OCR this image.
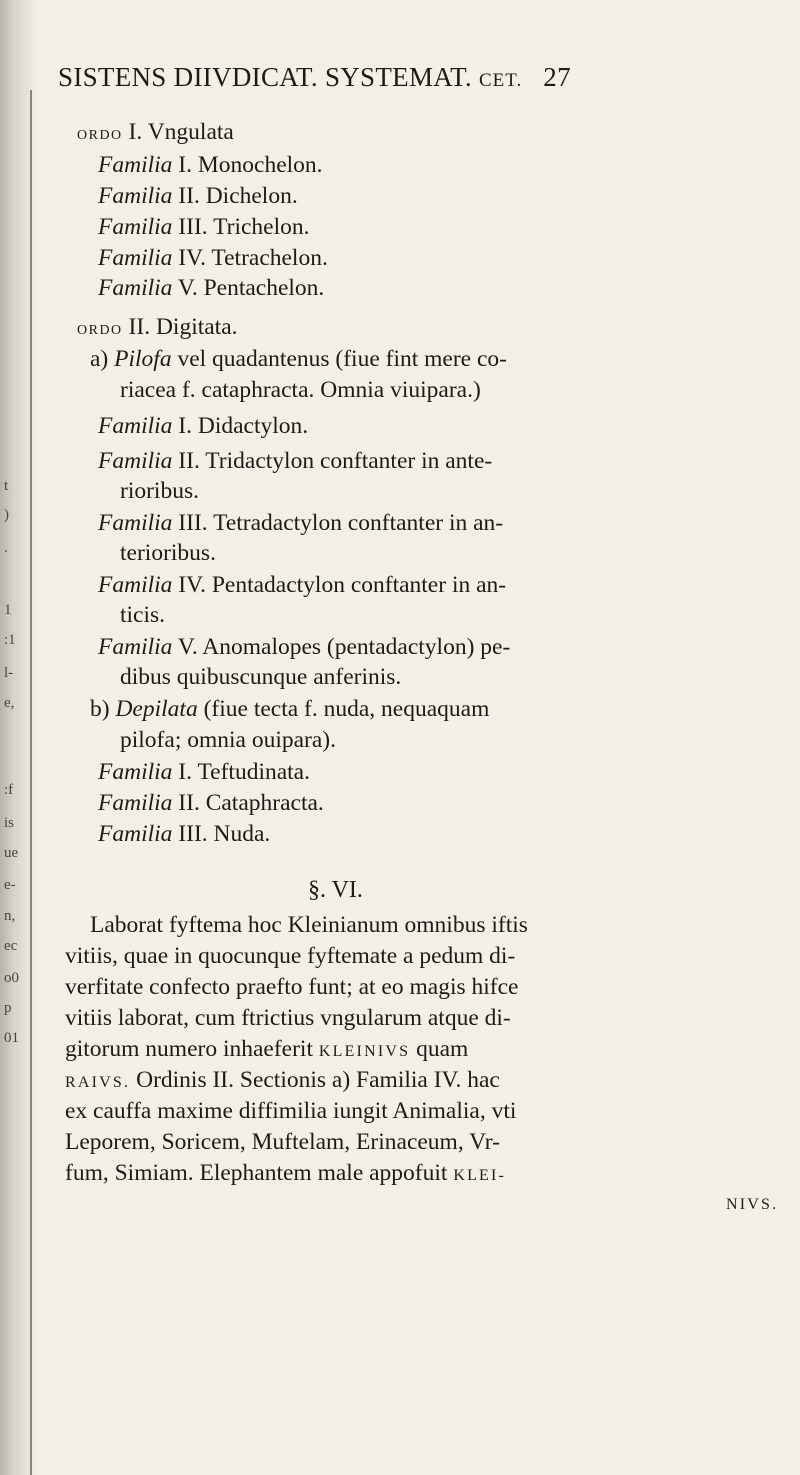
t
)
.
1
:1
l-
e,
:f
is
ue
e-
n,
ec
o0
p
01
SISTENS DIIVDICAT. SYSTEMAT. CET. 27
ordo I. Vngulata
Familia I. Monochelon.
Familia II. Dichelon.
Familia III. Trichelon.
Familia IV. Tetrachelon.
Familia V. Pentachelon.
ordo II. Digitata.
a) Pilofa vel quadantenus (fiue fint mere co-
riacea f. cataphracta. Omnia viuipara.)
Familia I. Didactylon.
Familia II. Tridactylon conftanter in ante-
rioribus.
Familia III. Tetradactylon conftanter in an-
terioribus.
Familia IV. Pentadactylon conftanter in an-
ticis.
Familia V. Anomalopes (pentadactylon) pe-
dibus quibuscunque anferinis.
b) Depilata (fiue tecta f. nuda, nequaquam
pilofa; omnia ouipara).
Familia I. Teftudinata.
Familia II. Cataphracta.
Familia III. Nuda.
§. VI.
Laborat fyftema hoc Kleinianum omnibus iftis
vitiis, quae in quocunque fyftemate a pedum di-
verfitate confecto praefto funt; at eo magis hifce
vitiis laborat, cum ftrictius vngularum atque di-
gitorum numero inhaeferit KLEINIVS quam
RAIVS. Ordinis II. Sectionis a) Familia IV. hac
ex cauffa maxime diffimilia iungit Animalia, vti
Leporem, Soricem, Muftelam, Erinaceum, Vr-
fum, Simiam. Elephantem male appofuit KLEI-
NIVS.
